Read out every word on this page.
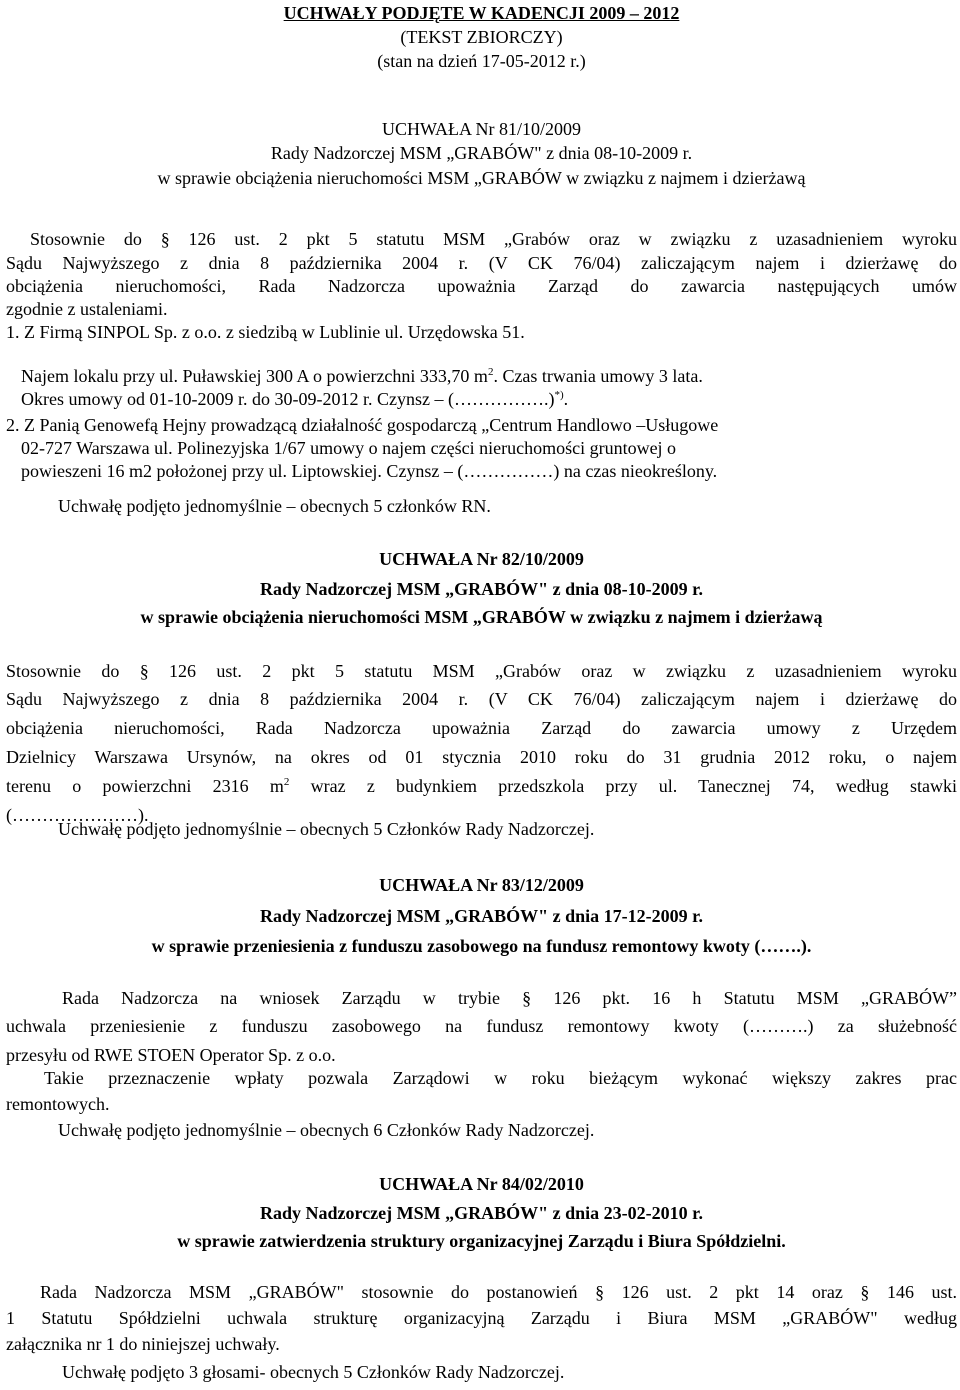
UCHWAŁY PODJĘTE W KADENCJI 2009 – 2012
(TEKST ZBIORCZY)
(stan na dzień 17-05-2012 r.)
UCHWAŁA Nr 81/10/2009
Rady Nadzorczej MSM „GRABÓW" z dnia 08-10-2009 r.
w sprawie obciążenia nieruchomości MSM „GRABÓW w związku z najmem i dzierżawą
Stosownie do § 126 ust. 2 pkt 5 statutu MSM „Grabów oraz w związku z uzasadnieniem wyroku
Sądu Najwyższego z dnia 8 października 2004 r. (V CK 76/04) zaliczającym najem i dzierżawę do
obciążenia nieruchomości, Rada Nadzorcza upoważnia Zarząd do zawarcia następujących umów
zgodnie z ustaleniami.
1. Z Firmą SINPOL Sp. z o.o. z siedzibą w Lublinie ul. Urzędowska 51.
Najem lokalu przy ul. Puławskiej 300 A o powierzchni 333,70 $m^2$. Czas trwania umowy 3 lata.
Okres umowy od 01-10-2009 r. do 30-09-2012 r. Czynsz – (…………….)*).
2. Z Panią Genowefą Hejny prowadzącą działalność gospodarczą „Centrum Handlowo –Usługowe
02-727 Warszawa ul. Polinezyjska 1/67 umowy o najem części nieruchomości gruntowej o
powieszeni 16 m2 położonej przy ul. Liptowskiej. Czynsz – (……………) na czas nieokreślony.
Uchwałę podjęto jednomyślnie – obecnych 5 członków RN.
UCHWAŁA Nr 82/10/2009
Rady Nadzorczej MSM „GRABÓW" z dnia 08-10-2009 r.
w sprawie obciążenia nieruchomości MSM „GRABÓW w związku z najmem i dzierżawą
Stosownie do § 126 ust. 2 pkt 5 statutu MSM „Grabów oraz w związku z uzasadnieniem wyroku
Sądu Najwyższego z dnia 8 października 2004 r. (V CK 76/04) zaliczającym najem i dzierżawę do
obciążenia nieruchomości, Rada Nadzorcza upoważnia Zarząd do zawarcia umowy z Urzędem
Dzielnicy Warszawa Ursynów, na okres od 01 stycznia 2010 roku do 31 grudnia 2012 roku, o najem
terenu o powierzchni 2316 $m^2$ wraz z budynkiem przedszkola przy ul. Tanecznej 74, według stawki
(…………………).
Uchwałę podjęto jednomyślnie – obecnych 5 Członków Rady Nadzorczej.
UCHWAŁA Nr 83/12/2009
Rady Nadzorczej MSM „GRABÓW" z dnia 17-12-2009 r.
w sprawie przeniesienia z funduszu zasobowego na fundusz remontowy kwoty (…….).
Rada Nadzorcza na wniosek Zarządu w trybie § 126 pkt. 16 h Statutu MSM „GRABÓW”
uchwala przeniesienie z funduszu zasobowego na fundusz remontowy kwoty (……….) za służebność
przesyłu od RWE STOEN Operator Sp. z o.o.
Takie przeznaczenie wpłaty pozwala Zarządowi w roku bieżącym wykonać większy zakres prac
remontowych.
Uchwałę podjęto jednomyślnie – obecnych 6 Członków Rady Nadzorczej.
UCHWAŁA Nr 84/02/2010
Rady Nadzorczej MSM „GRABÓW" z dnia 23-02-2010 r.
w sprawie zatwierdzenia struktury organizacyjnej Zarządu i Biura Spółdzielni.
Rada Nadzorcza MSM „GRABÓW" stosownie do postanowień § 126 ust. 2 pkt 14 oraz § 146 ust.
1 Statutu Spółdzielni uchwala strukturę organizacyjną Zarządu i Biura MSM „GRABÓW" według
załącznika nr 1 do niniejszej uchwały.
Uchwałę podjęto 3 głosami- obecnych 5 Członków Rady Nadzorczej.
